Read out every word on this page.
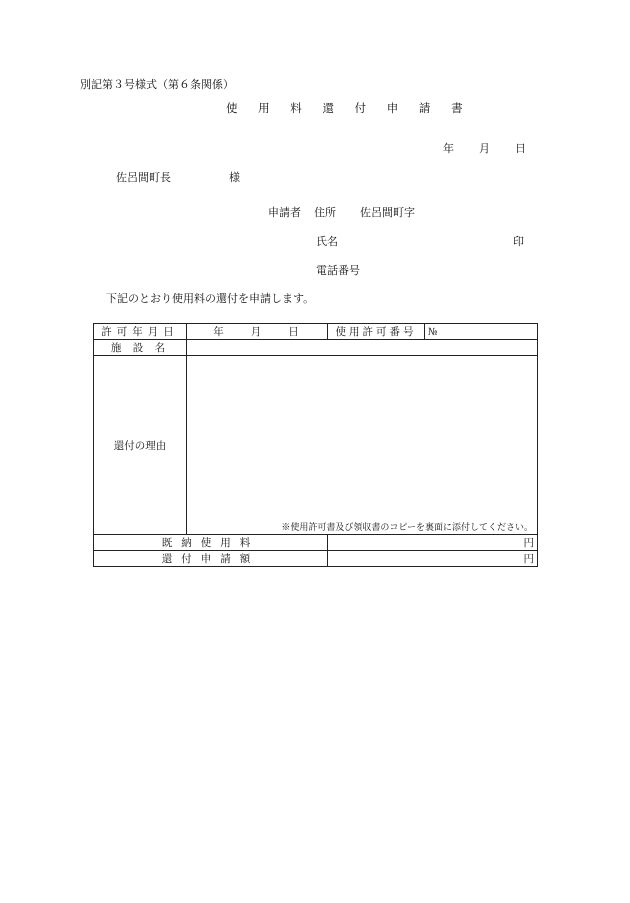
別記第３号様式（第６条関係）
使 用 料 還 付 申 請 書
年　　月　　日
佐呂間町長	様
申請者 住所 佐呂間町字
氏名	印
電話番号
下記のとおり使用料の還付を申請します。
許可年月日	年　　月　　日	使用許可番号	№
施 設 名			
還付の理由	※使用許可書及び領収書のコピーを裏面に添付してください。		

既納使用料		円	
還付申請額		円	
